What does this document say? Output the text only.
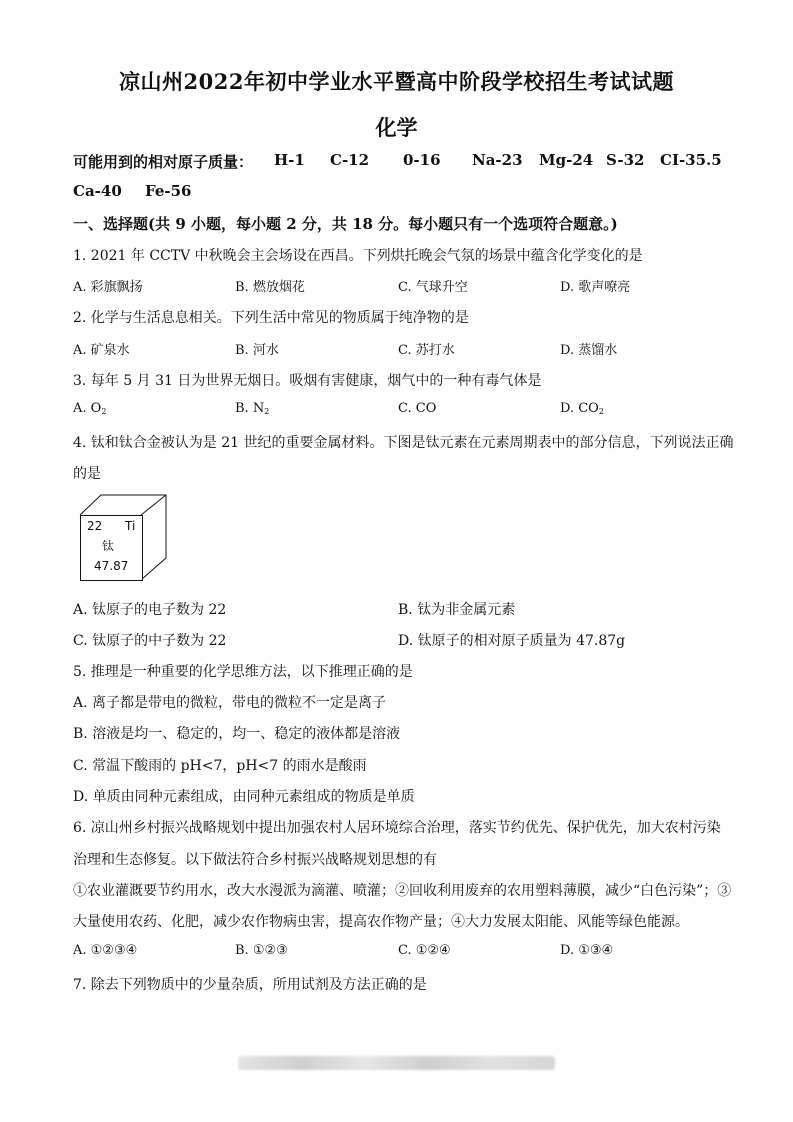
凉山州2022年初中学业水平暨高中阶段学校招生考试试题
化学
可能用到的相对原子质量： H-1 C-12 0-16 Na-23 Mg-24 S-32 CI-35.5
Ca-40 Fe-56
一、选择题(共 9 小题，每小题 2 分，共 18 分。每小题只有一个选项符合题意。)
1. 2021 年 CCTV 中秋晚会主会场设在西昌。下列烘托晚会气氛的场景中蕴含化学变化的是
A. 彩旗飘扬	B. 燃放烟花	C. 气球升空	D. 歌声嘹亮
2. 化学与生活息息相关。下列生活中常见的物质属于纯净物的是
A. 矿泉水	B. 河水	C. 苏打水	D. 蒸馏水
3. 每年 5 月 31 日为世界无烟日。吸烟有害健康，烟气中的一种有毒气体是
A. $O_2$	B. $N_2$	C. CO	D. $CO_2$
4. 钛和钛合金被认为是 21 世纪的重要金属材料。下图是钛元素在元素周期表中的部分信息，下列说法正确
的是
22 Ti
钛
47.87
A. 钛原子的电子数为 22	B. 钛为非金属元素
C. 钛原子的中子数为 22	D. 钛原子的相对原子质量为 47.87g
5. 推理是一种重要的化学思维方法，以下推理正确的是
A. 离子都是带电的微粒，带电的微粒不一定是离子
B. 溶液是均一、稳定的，均一、稳定的液体都是溶液
C. 常温下酸雨的 pH<7，pH<7 的雨水是酸雨
D. 单质由同种元素组成，由同种元素组成的物质是单质
6. 凉山州乡村振兴战略规划中提出加强农村人居环境综合治理，落实节约优先、保护优先，加大农村污染
治理和生态修复。以下做法符合乡村振兴战略规划思想的有
①农业灌溉要节约用水，改大水漫派为滴灌、喷灌；②回收利用废弃的农用塑料薄膜，减少“白色污染”；③
大量使用农药、化肥，减少农作物病虫害，提高农作物产量；④大力发展太阳能、风能等绿色能源。
A. ①②③④	B. ①②③	C. ①②④	D. ①③④
7. 除去下列物质中的少量杂质，所用试剂及方法正确的是
